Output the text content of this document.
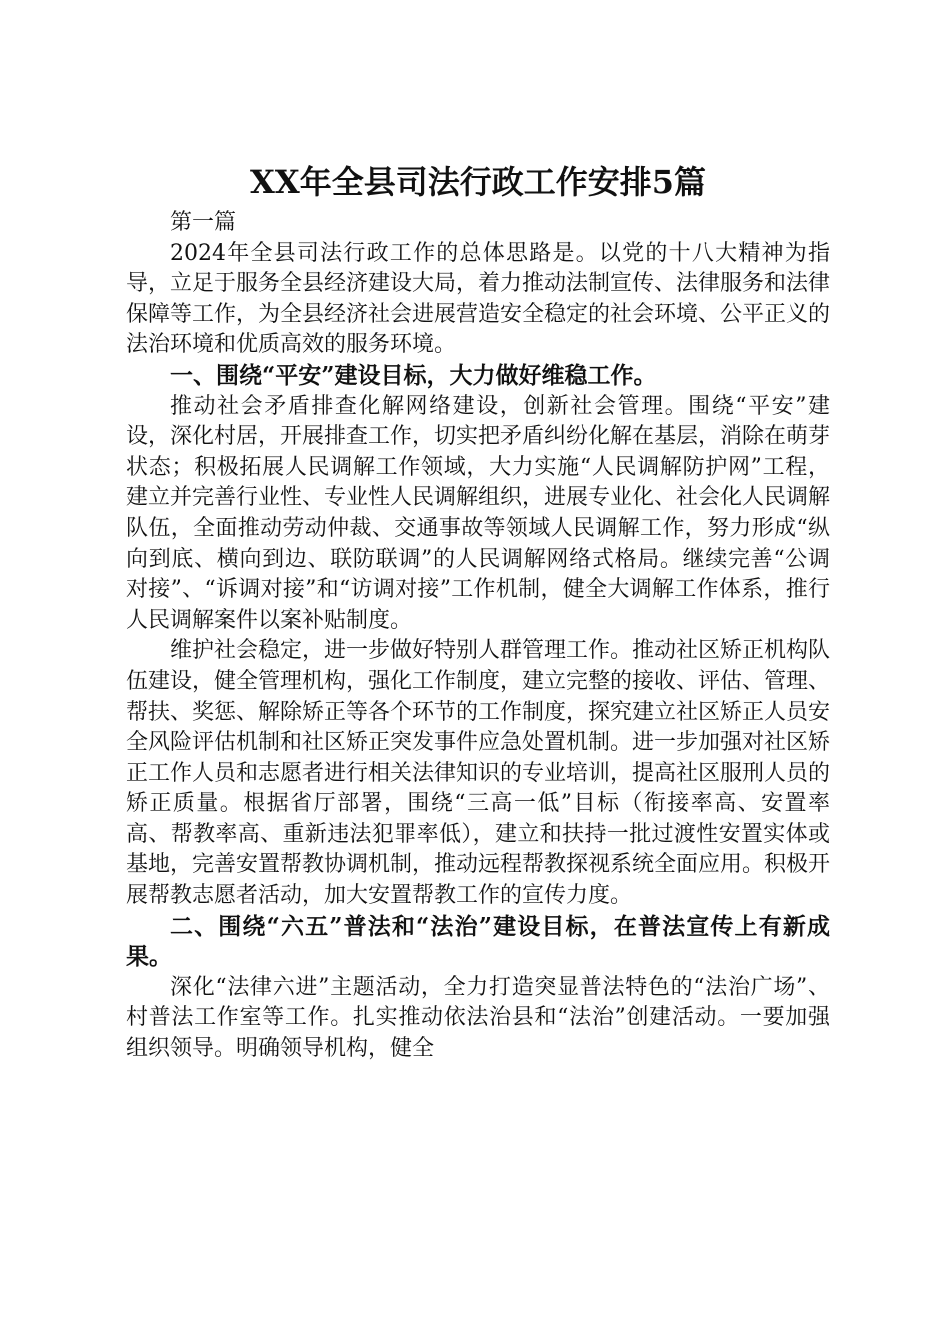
XX年全县司法行政工作安排5篇

第一篇

2024年全县司法行政工作的总体思路是。以党的十八大精神为指导，立足于服务全县经济建设大局，着力推动法制宣传、法律服务和法律保障等工作，为全县经济社会进展营造安全稳定的社会环境、公平正义的法治环境和优质高效的服务环境。

一、围绕“平安”建设目标，大力做好维稳工作。

推动社会矛盾排查化解网络建设，创新社会管理。围绕“平安”建设，深化村居，开展排查工作，切实把矛盾纠纷化解在基层，消除在萌芽状态；积极拓展人民调解工作领域，大力实施“人民调解防护网”工程，建立并完善行业性、专业性人民调解组织，进展专业化、社会化人民调解队伍，全面推动劳动仲裁、交通事故等领域人民调解工作，努力形成“纵向到底、横向到边、联防联调”的人民调解网络式格局。继续完善“公调对接”、“诉调对接”和“访调对接”工作机制，健全大调解工作体系，推行人民调解案件以案补贴制度。

维护社会稳定，进一步做好特别人群管理工作。推动社区矫正机构队伍建设，健全管理机构，强化工作制度，建立完整的接收、评估、管理、帮扶、奖惩、解除矫正等各个环节的工作制度，探究建立社区矫正人员安全风险评估机制和社区矫正突发事件应急处置机制。进一步加强对社区矫正工作人员和志愿者进行相关法律知识的专业培训，提高社区服刑人员的矫正质量。根据省厅部署，围绕“三高一低”目标（衔接率高、安置率高、帮教率高、重新违法犯罪率低），建立和扶持一批过渡性安置实体或基地，完善安置帮教协调机制，推动远程帮教探视系统全面应用。积极开展帮教志愿者活动，加大安置帮教工作的宣传力度。

二、围绕“六五”普法和“法治”建设目标，在普法宣传上有新成果。

深化“法律六进”主题活动，全力打造突显普法特色的“法治广场”、村普法工作室等工作。扎实推动依法治县和“法治”创建活动。一要加强组织领导。明确领导机构，健全
